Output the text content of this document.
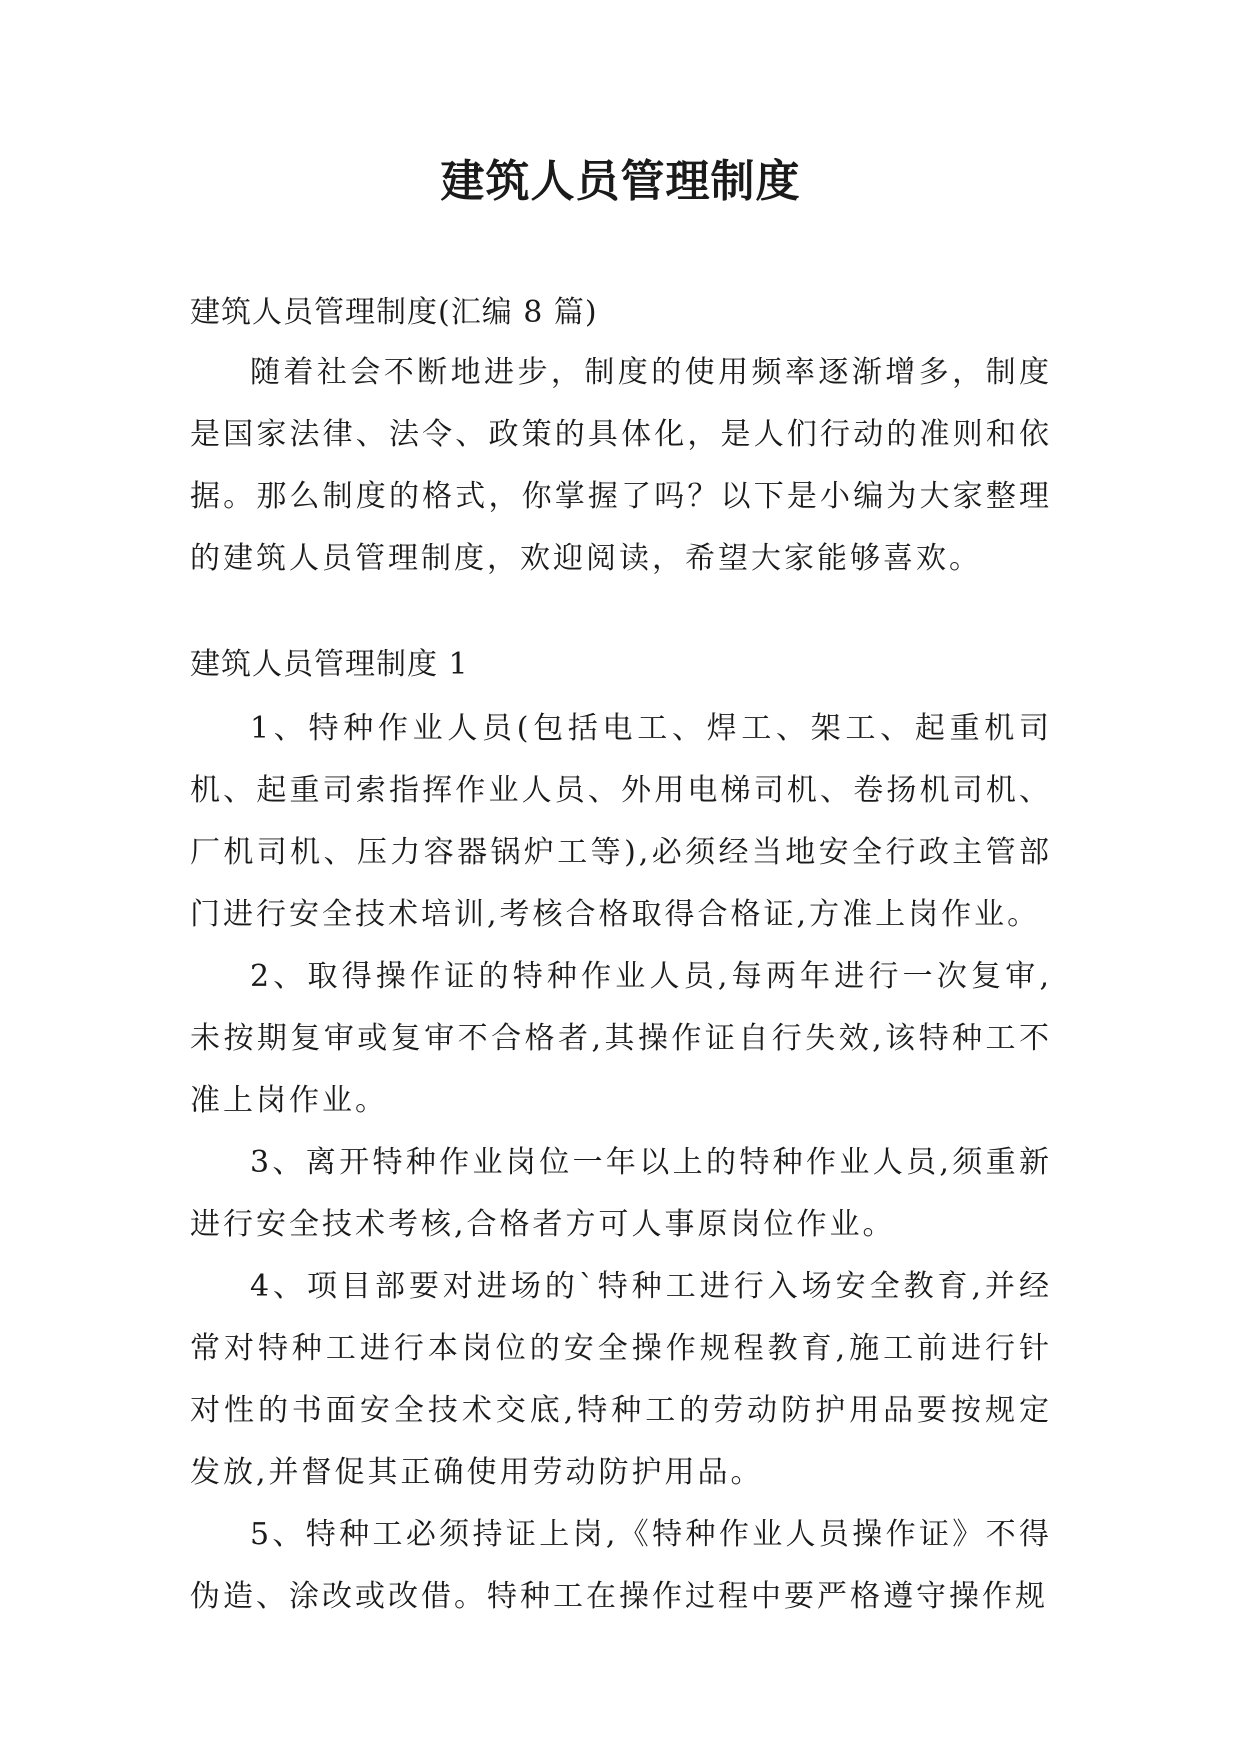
建筑人员管理制度

建筑人员管理制度(汇编 8 篇)

随着社会不断地进步，制度的使用频率逐渐增多，制度是国家法律、法令、政策的具体化，是人们行动的准则和依据。那么制度的格式，你掌握了吗？以下是小编为大家整理的建筑人员管理制度，欢迎阅读，希望大家能够喜欢。

建筑人员管理制度 1

1、特种作业人员(包括电工、焊工、架工、起重机司机、起重司索指挥作业人员、外用电梯司机、卷扬机司机、厂机司机、压力容器锅炉工等),必须经当地安全行政主管部门进行安全技术培训,考核合格取得合格证,方准上岗作业。

2、取得操作证的特种作业人员,每两年进行一次复审,未按期复审或复审不合格者,其操作证自行失效,该特种工不准上岗作业。

3、离开特种作业岗位一年以上的特种作业人员,须重新进行安全技术考核,合格者方可人事原岗位作业。

4、项目部要对进场的`特种工进行入场安全教育,并经常对特种工进行本岗位的安全操作规程教育,施工前进行针对性的书面安全技术交底,特种工的劳动防护用品要按规定发放,并督促其正确使用劳动防护用品。

5、特种工必须持证上岗,《特种作业人员操作证》不得伪造、涂改或改借。特种工在操作过程中要严格遵守操作规
